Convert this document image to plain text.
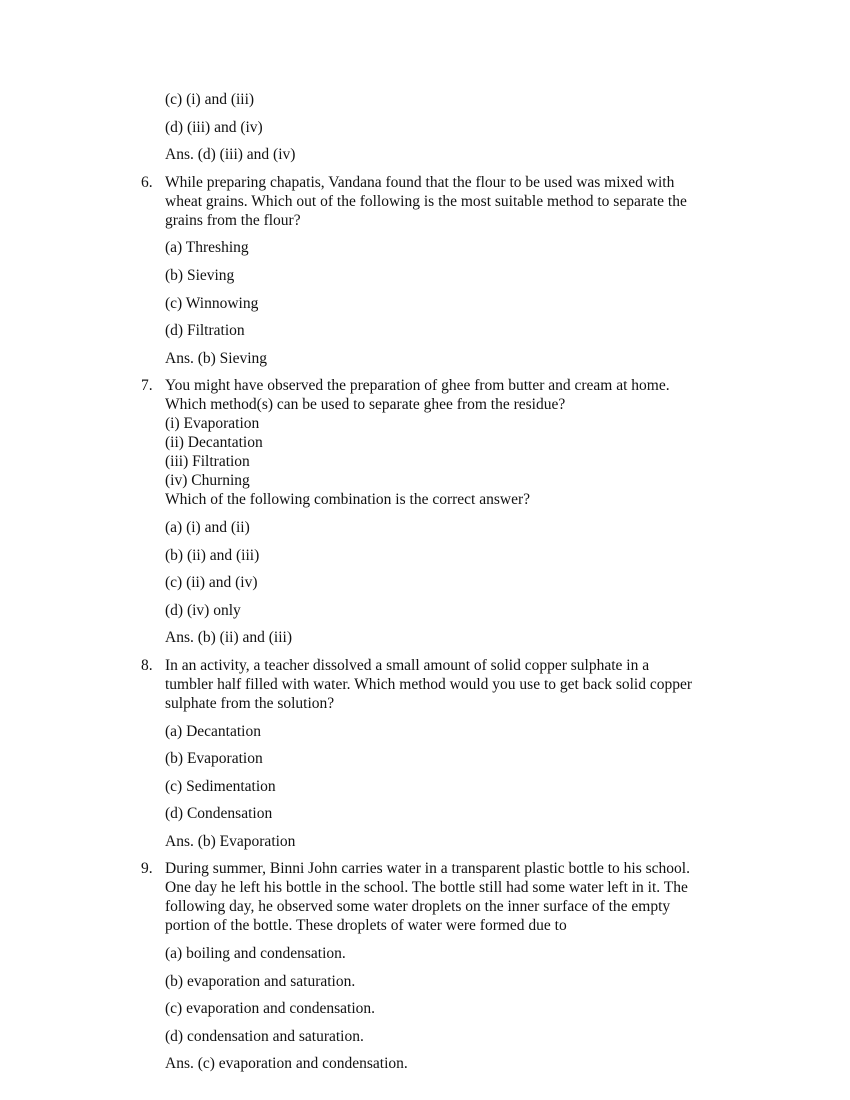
(c) (i) and (iii)
(d) (iii) and (iv)
Ans. (d) (iii) and (iv)
6. While preparing chapatis, Vandana found that the flour to be used was mixed with
wheat grains. Which out of the following is the most suitable method to separate the
grains from the flour?
(a) Threshing
(b) Sieving
(c) Winnowing
(d) Filtration
Ans. (b) Sieving
7. You might have observed the preparation of ghee from butter and cream at home.
Which method(s) can be used to separate ghee from the residue?
(i) Evaporation
(ii) Decantation
(iii) Filtration
(iv) Churning
Which of the following combination is the correct answer?
(a) (i) and (ii)
(b) (ii) and (iii)
(c) (ii) and (iv)
(d) (iv) only
Ans. (b) (ii) and (iii)
8. In an activity, a teacher dissolved a small amount of solid copper sulphate in a
tumbler half filled with water. Which method would you use to get back solid copper
sulphate from the solution?
(a) Decantation
(b) Evaporation
(c) Sedimentation
(d) Condensation
Ans. (b) Evaporation
9. During summer, Binni John carries water in a transparent plastic bottle to his school.
One day he left his bottle in the school. The bottle still had some water left in it. The
following day, he observed some water droplets on the inner surface of the empty
portion of the bottle. These droplets of water were formed due to
(a) boiling and condensation.
(b) evaporation and saturation.
(c) evaporation and condensation.
(d) condensation and saturation.
Ans. (c) evaporation and condensation.
